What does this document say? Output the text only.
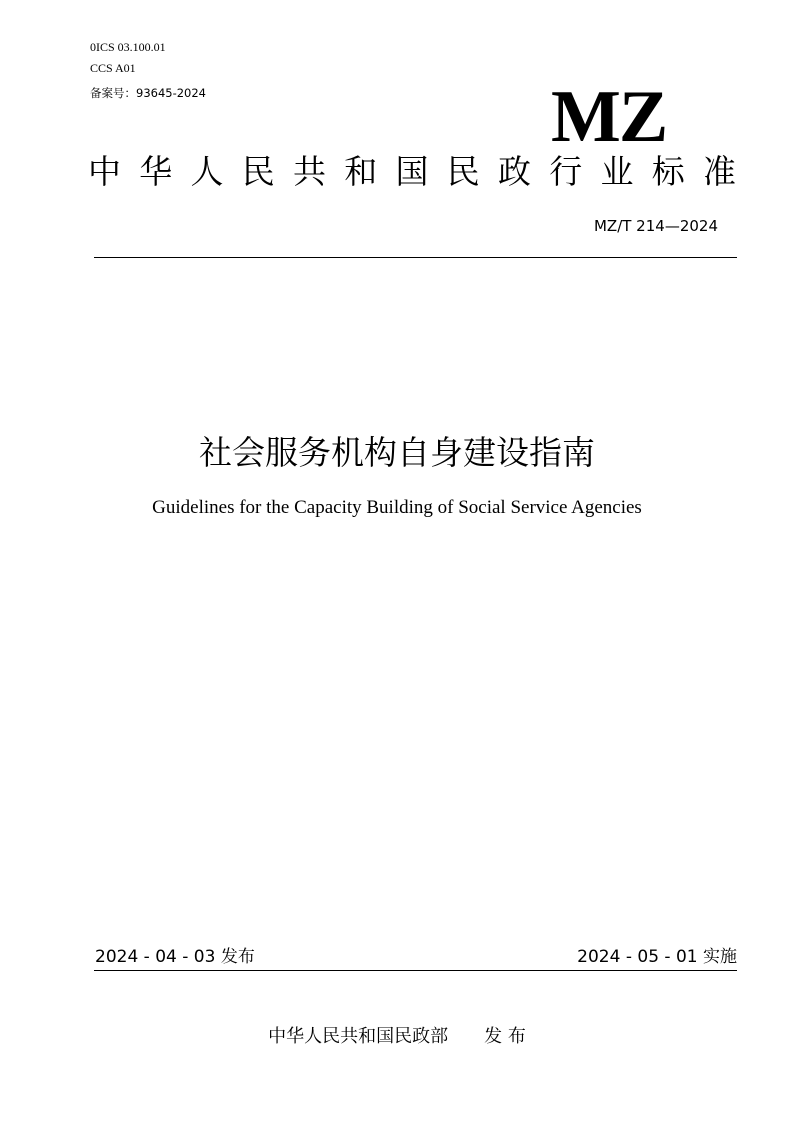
0ICS 03.100.01
CCS A01
备案号：93645-2024	MZ
中 华 人 民 共 和 国 民 政 行 业 标 准
MZ/T 214—2024
社会服务机构自身建设指南
Guidelines for the Capacity Building of Social Service Agencies
2024 - 04 - 03 发布	2024 - 05 - 01 实施
中华人民共和国民政部 发 布
